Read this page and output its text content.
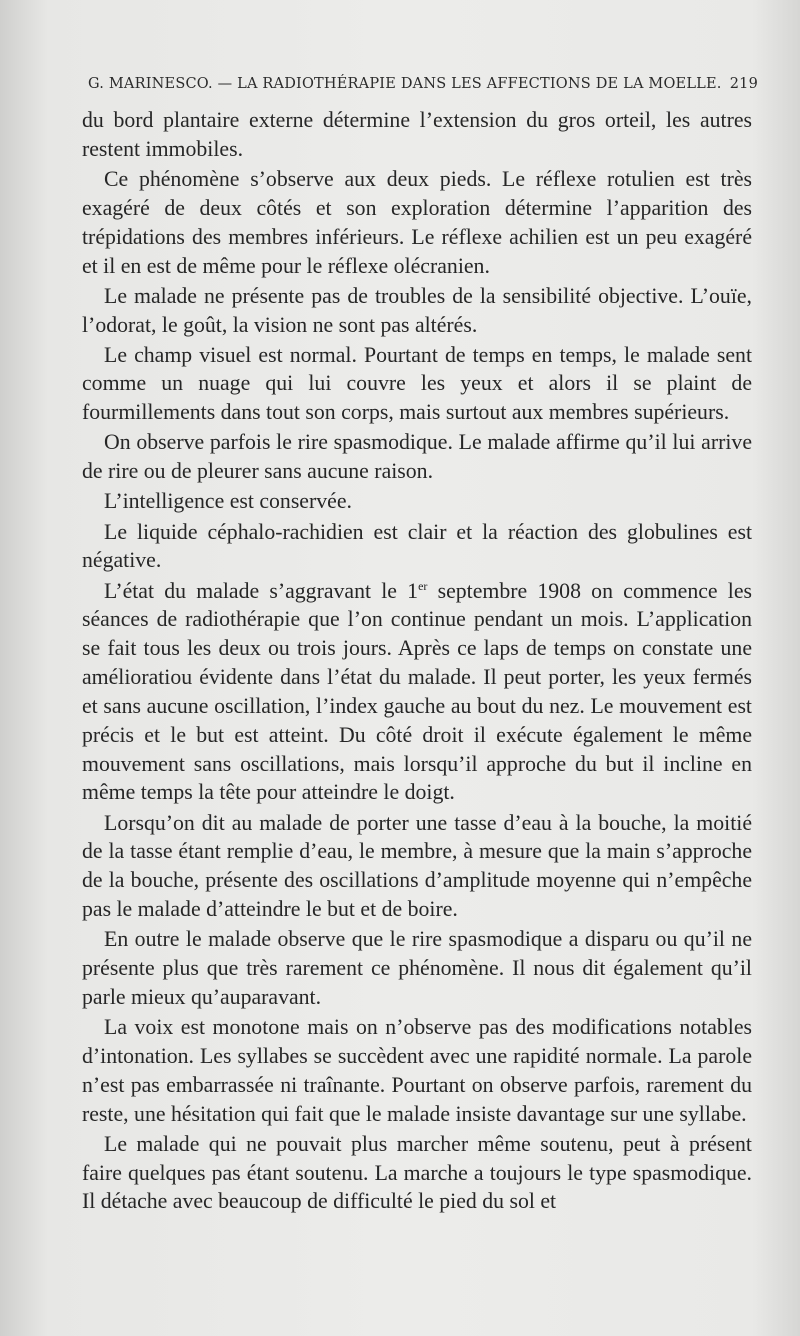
G. MARINESCO. — LA RADIOTHÉRAPIE DANS LES AFFECTIONS DE LA MOELLE. 219

du bord plantaire externe détermine l’extension du gros orteil, les autres restent immobiles.

Ce phénomène s’observe aux deux pieds. Le réflexe rotulien est très exagéré de deux côtés et son exploration détermine l’apparition des trépidations des membres inférieurs. Le réflexe achilien est un peu exagéré et il en est de même pour le réflexe olécranien.

Le malade ne présente pas de troubles de la sensibilité objective. L’ouïe, l’odorat, le goût, la vision ne sont pas altérés.

Le champ visuel est normal. Pourtant de temps en temps, le malade sent comme un nuage qui lui couvre les yeux et alors il se plaint de fourmillements dans tout son corps, mais surtout aux membres supérieurs.

On observe parfois le rire spasmodique. Le malade affirme qu’il lui arrive de rire ou de pleurer sans aucune raison.

L’intelligence est conservée.

Le liquide céphalo-rachidien est clair et la réaction des globulines est négative.

L’état du malade s’aggravant le 1er septembre 1908 on commence les séances de radiothérapie que l’on continue pendant un mois. L’application se fait tous les deux ou trois jours. Après ce laps de temps on constate une amélioratiou évidente dans l’état du malade. Il peut porter, les yeux fermés et sans aucune oscillation, l’index gauche au bout du nez. Le mouvement est précis et le but est atteint. Du côté droit il exécute également le même mouvement sans oscillations, mais lorsqu’il approche du but il incline en même temps la tête pour atteindre le doigt.

Lorsqu’on dit au malade de porter une tasse d’eau à la bouche, la moitié de la tasse étant remplie d’eau, le membre, à mesure que la main s’approche de la bouche, présente des oscillations d’amplitude moyenne qui n’empêche pas le malade d’atteindre le but et de boire.

En outre le malade observe que le rire spasmodique a disparu ou qu’il ne présente plus que très rarement ce phénomène. Il nous dit également qu’il parle mieux qu’auparavant.

La voix est monotone mais on n’observe pas des modifications notables d’intonation. Les syllabes se succèdent avec une rapidité normale. La parole n’est pas embarrassée ni traînante. Pourtant on observe parfois, rarement du reste, une hésitation qui fait que le malade insiste davantage sur une syllabe.

Le malade qui ne pouvait plus marcher même soutenu, peut à présent faire quelques pas étant soutenu. La marche a toujours le type spasmodique. Il détache avec beaucoup de difficulté le pied du sol et
